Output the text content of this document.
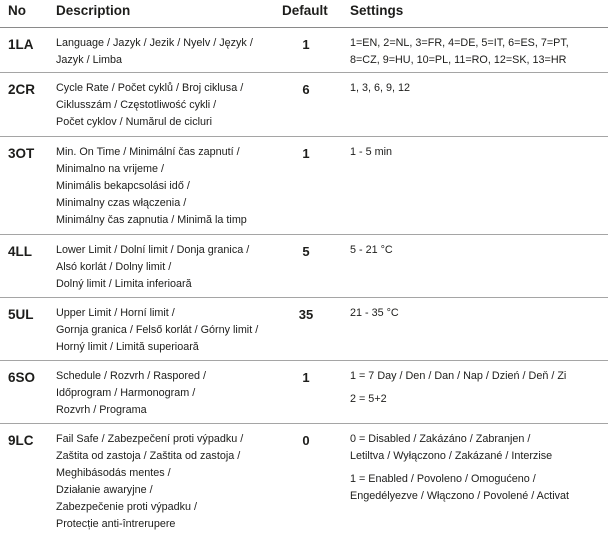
No Description	Default Settings
1LA Language / Jazyk / Jezik / Nyelv / Język /
Jazyk / Limba
1	1=EN, 2=NL, 3=FR, 4=DE, 5=IT, 6=ES, 7=PT,
8=CZ, 9=HU, 10=PL, 11=RO, 12=SK, 13=HR
2CR Cycle Rate / Počet cyklů / Broj ciklusa /
Ciklusszám / Częstotliwość cykli /
Počet cyklov / Numărul de cicluri
6	1, 3, 6, 9, 12
3OT Min. On Time / Minimální čas zapnutí /
Minimalno na vrijeme /
Minimális bekapcsolási idő /
Minimalny czas włączenia /
Minimálny čas zapnutia / Minimă la timp
1	1 - 5 min
4LL Lower Limit / Dolní limit / Donja granica /
Alsó korlát / Dolny limit /
Dolný limit / Limita inferioară
5	5 - 21 °C
5UL Upper Limit / Horní limit /
Gornja granica / Felső korlát / Górny limit /
Horný limit / Limită superioară
35	21 - 35 °C
6SO Schedule / Rozvrh / Raspored /
Időprogram / Harmonogram /
Rozvrh / Programa
1	1 = 7 Day / Den / Dan / Nap / Dzień / Deň / Zi
2 = 5+2
9LC Fail Safe / Zabezpečení proti výpadku /
Zaštita od zastoja / Zaštita od zastoja /
Meghibásodás mentes /
Działanie awaryjne /
Zabezpečenie proti výpadku /
Protecție anti-întrerupere
0	0 = Disabled / Zakázáno / Zabranjen /
Letiltva / Wyłączono / Zakázané / Interzise
1 = Enabled / Povoleno / Omogućeno /
Engedélyezve / Włączono / Povolené / Activat
